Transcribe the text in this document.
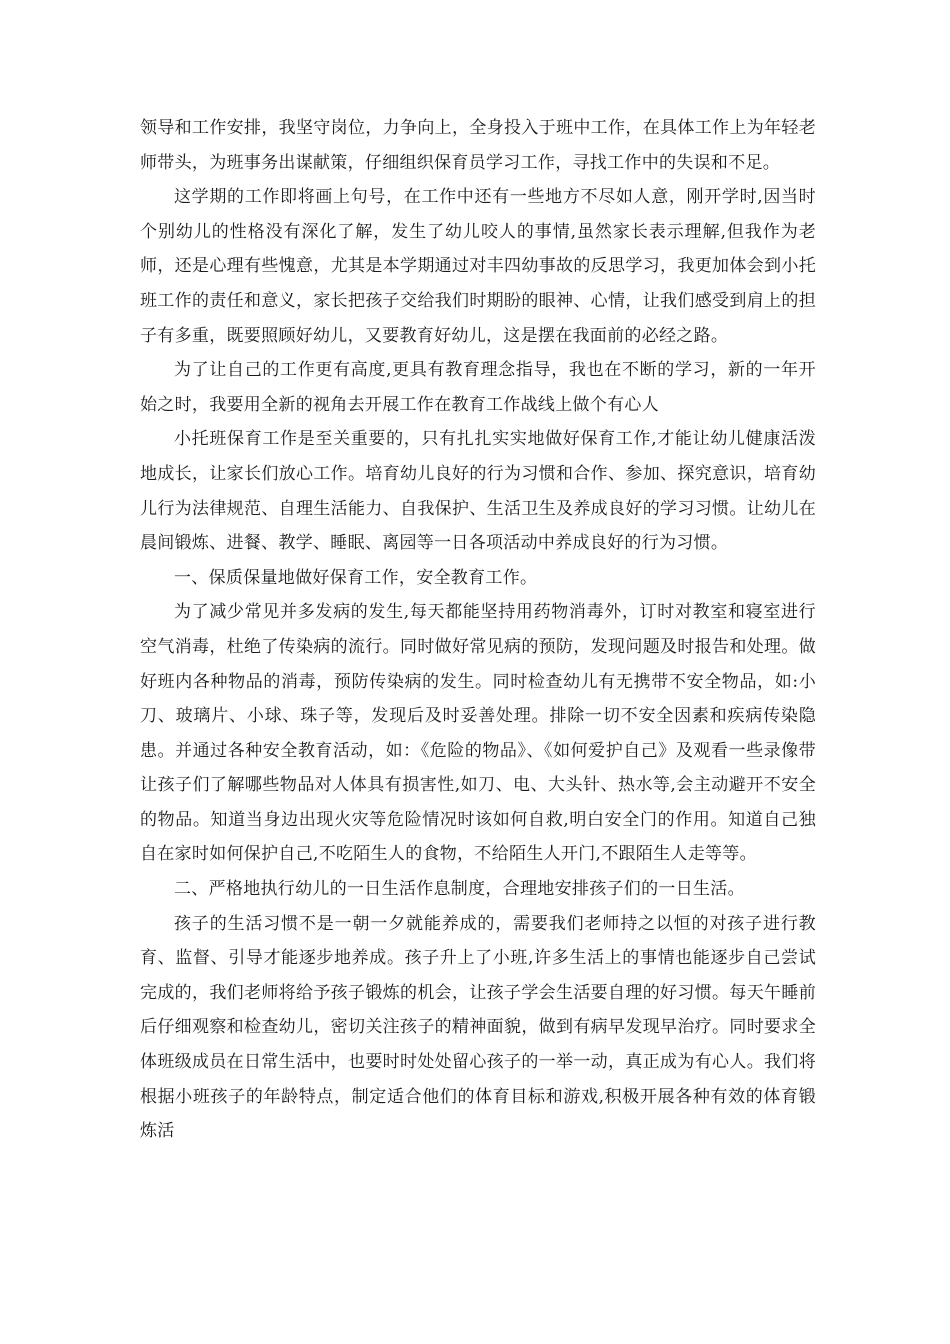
领导和工作安排，我坚守岗位，力争向上，全身投入于班中工作，在具体工作上为年轻老师带头，为班事务出谋献策，仔细组织保育员学习工作，寻找工作中的失误和不足。

这学期的工作即将画上句号，在工作中还有一些地方不尽如人意，刚开学时,因当时个别幼儿的性格没有深化了解，发生了幼儿咬人的事情,虽然家长表示理解,但我作为老师，还是心理有些愧意，尤其是本学期通过对丰四幼事故的反思学习，我更加体会到小托班工作的责任和意义，家长把孩子交给我们时期盼的眼神、心情，让我们感受到肩上的担子有多重，既要照顾好幼儿，又要教育好幼儿，这是摆在我面前的必经之路。

为了让自己的工作更有高度,更具有教育理念指导，我也在不断的学习，新的一年开始之时，我要用全新的视角去开展工作在教育工作战线上做个有心人

小托班保育工作是至关重要的，只有扎扎实实地做好保育工作,才能让幼儿健康活泼地成长，让家长们放心工作。培育幼儿良好的行为习惯和合作、参加、探究意识，培育幼儿行为法律规范、自理生活能力、自我保护、生活卫生及养成良好的学习习惯。让幼儿在晨间锻炼、进餐、教学、睡眠、离园等一日各项活动中养成良好的行为习惯。

一、保质保量地做好保育工作，安全教育工作。

为了减少常见并多发病的发生,每天都能坚持用药物消毒外，订时对教室和寝室进行空气消毒，杜绝了传染病的流行。同时做好常见病的预防，发现问题及时报告和处理。做好班内各种物品的消毒，预防传染病的发生。同时检查幼儿有无携带不安全物品，如:小刀、玻璃片、小球、珠子等，发现后及时妥善处理。排除一切不安全因素和疾病传染隐患。并通过各种安全教育活动，如：《危险的物品》、《如何爱护自己》及观看一些录像带让孩子们了解哪些物品对人体具有损害性,如刀、电、大头针、热水等,会主动避开不安全的物品。知道当身边出现火灾等危险情况时该如何自救,明白安全门的作用。知道自己独自在家时如何保护自己,不吃陌生人的食物，不给陌生人开门,不跟陌生人走等等。

二、严格地执行幼儿的一日生活作息制度，合理地安排孩子们的一日生活。

孩子的生活习惯不是一朝一夕就能养成的，需要我们老师持之以恒的对孩子进行教育、监督、引导才能逐步地养成。孩子升上了小班,许多生活上的事情也能逐步自己尝试完成的，我们老师将给予孩子锻炼的机会，让孩子学会生活要自理的好习惯。每天午睡前后仔细观察和检查幼儿，密切关注孩子的精神面貌，做到有病早发现早治疗。同时要求全体班级成员在日常生活中，也要时时处处留心孩子的一举一动，真正成为有心人。我们将根据小班孩子的年龄特点，制定适合他们的体育目标和游戏,积极开展各种有效的体育锻炼活
